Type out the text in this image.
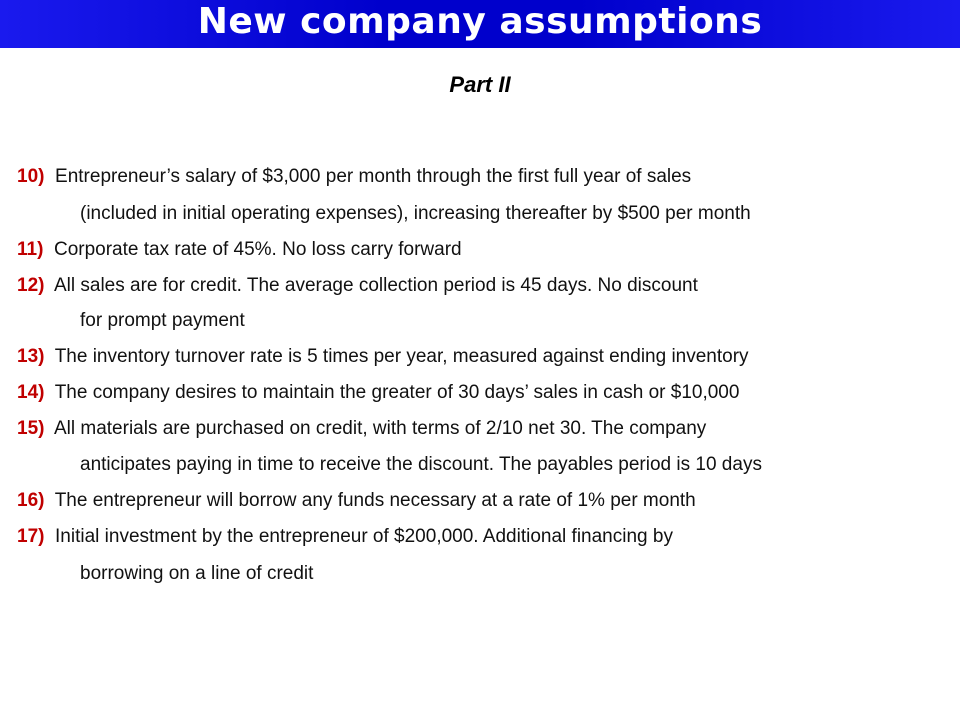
New company assumptions
Part II
10) Entrepreneur’s salary of $3,000 per month through the first full year of sales
(included in initial operating expenses), increasing thereafter by $500 per month
11) Corporate tax rate of 45%. No loss carry forward
12) All sales are for credit. The average collection period is 45 days. No discount
for prompt payment
13) The inventory turnover rate is 5 times per year, measured against ending inventory
14) The company desires to maintain the greater of 30 days’ sales in cash or $10,000
15) All materials are purchased on credit, with terms of 2/10 net 30. The company
anticipates paying in time to receive the discount. The payables period is 10 days
16) The entrepreneur will borrow any funds necessary at a rate of 1% per month
17) Initial investment by the entrepreneur of $200,000. Additional financing by
borrowing on a line of credit
